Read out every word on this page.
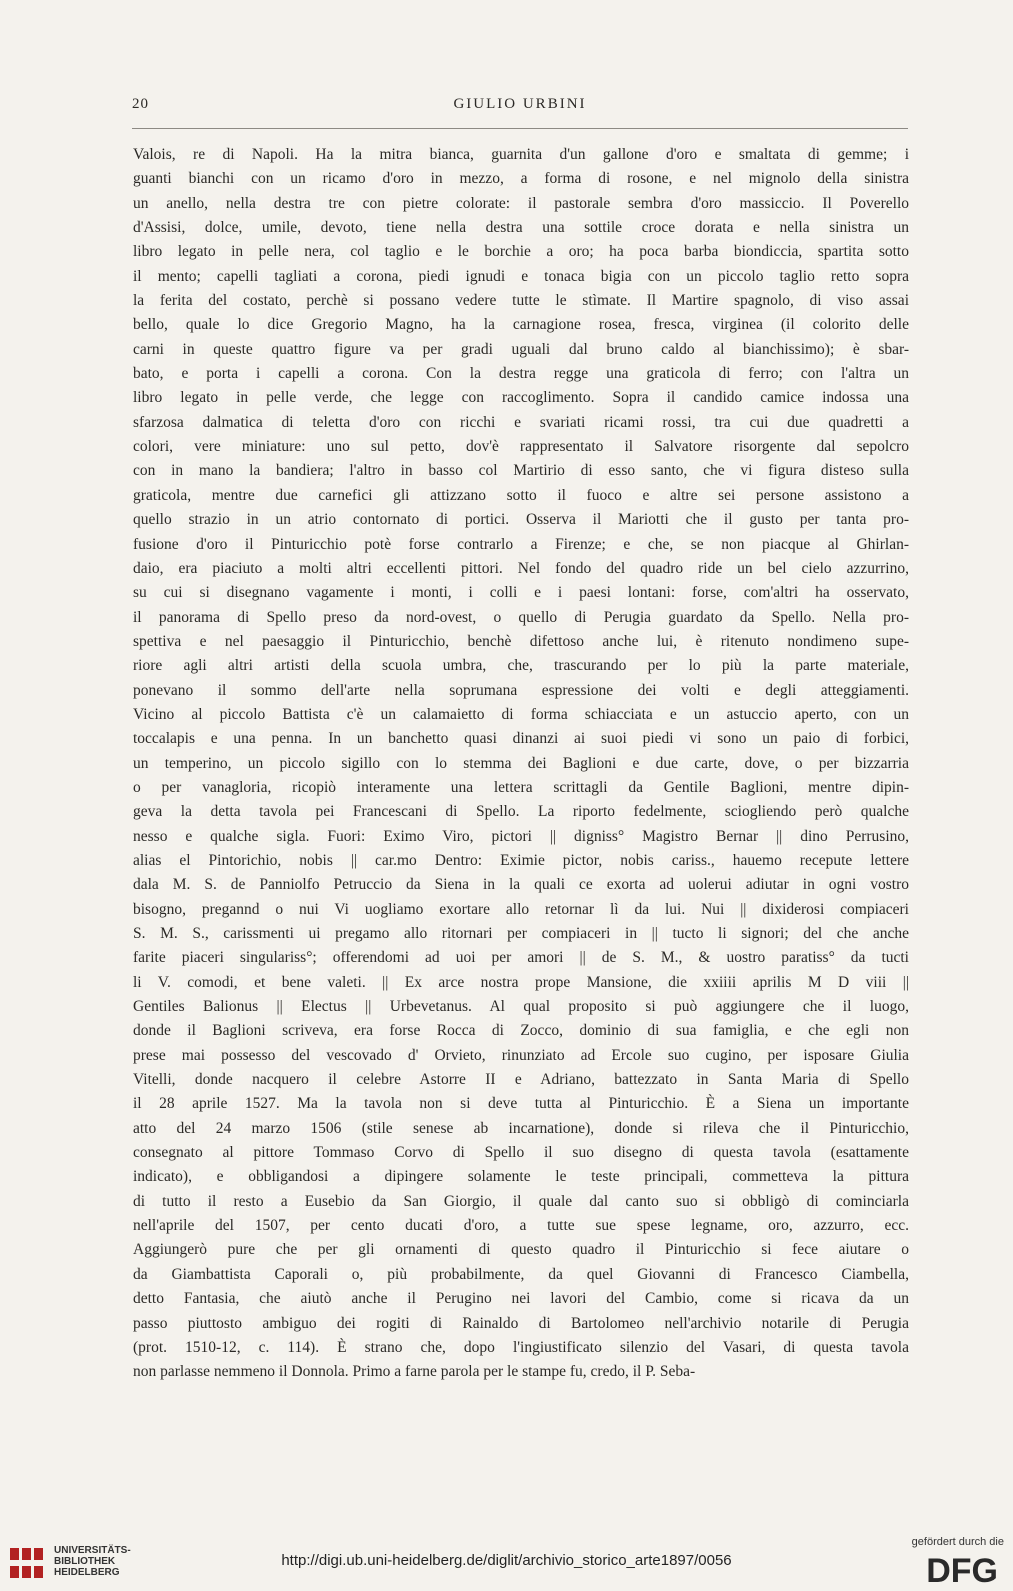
20	GIULIO URBINI

Valois, re di Napoli. Ha la mitra bianca, guarnita d'un gallone d'oro e smaltata di gemme; i
guanti bianchi con un ricamo d'oro in mezzo, a forma di rosone, e nel mignolo della sinistra
un anello, nella destra tre con pietre colorate: il pastorale sembra d'oro massiccio. Il Poverello
d'Assisi, dolce, umile, devoto, tiene nella destra una sottile croce dorata e nella sinistra un
libro legato in pelle nera, col taglio e le borchie a oro; ha poca barba biondiccia, spartita sotto
il mento; capelli tagliati a corona, piedi ignudi e tonaca bigia con un piccolo taglio retto sopra
la ferita del costato, perchè si possano vedere tutte le stìmate. Il Martire spagnolo, di viso assai
bello, quale lo dice Gregorio Magno, ha la carnagione rosea, fresca, virginea (il colorito delle
carni in queste quattro figure va per gradi uguali dal bruno caldo al bianchissimo); è sbar-
bato, e porta i capelli a corona. Con la destra regge una graticola di ferro; con l'altra un
libro legato in pelle verde, che legge con raccoglimento. Sopra il candido camice indossa una
sfarzosa dalmatica di teletta d'oro con ricchi e svariati ricami rossi, tra cui due quadretti a
colori, vere miniature: uno sul petto, dov'è rappresentato il Salvatore risorgente dal sepolcro
con in mano la bandiera; l'altro in basso col Martirio di esso santo, che vi figura disteso sulla
graticola, mentre due carnefici gli attizzano sotto il fuoco e altre sei persone assistono a
quello strazio in un atrio contornato di portici. Osserva il Mariotti che il gusto per tanta pro-
fusione d'oro il Pinturicchio potè forse contrarlo a Firenze; e che, se non piacque al Ghirlan-
daio, era piaciuto a molti altri eccellenti pittori. Nel fondo del quadro ride un bel cielo azzurrino,
su cui si disegnano vagamente i monti, i colli e i paesi lontani: forse, com'altri ha osservato,
il panorama di Spello preso da nord-ovest, o quello di Perugia guardato da Spello. Nella pro-
spettiva e nel paesaggio il Pinturicchio, benchè difettoso anche lui, è ritenuto nondimeno supe-
riore agli altri artisti della scuola umbra, che, trascurando per lo più la parte materiale,
ponevano il sommo dell'arte nella soprumana espressione dei volti e degli atteggiamenti.
Vicino al piccolo Battista c'è un calamaietto di forma schiacciata e un astuccio aperto, con un
toccalapis e una penna. In un banchetto quasi dinanzi ai suoi piedi vi sono un paio di forbici,
un temperino, un piccolo sigillo con lo stemma dei Baglioni e due carte, dove, o per bizzarria
o per vanagloria, ricopiò interamente una lettera scrittagli da Gentile Baglioni, mentre dipin-
geva la detta tavola pei Francescani di Spello. La riporto fedelmente, sciogliendo però qualche
nesso e qualche sigla. Fuori: Eximo Viro, pictori || digniss° Magistro Bernar || dino Perrusino,
alias el Pintorichio, nobis || car.mo Dentro: Eximie pictor, nobis cariss., hauemo recepute lettere
dala M. S. de Panniolfo Petruccio da Siena in la quali ce exorta ad uolerui adiutar in ogni vostro
bisogno, pregannd o nui Vi uogliamo exortare allo retornar lì da lui. Nui || dixiderosi compiaceri
S. M. S., carissmenti ui pregamo allo ritornari per compiaceri in || tucto li signori; del che anche
farite piaceri singulariss°; offerendomi ad uoi per amori || de S. M., & uostro paratiss° da tucti
li V. comodi, et bene valeti. || Ex arce nostra prope Mansione, die xxiiii aprilis M D viii ||
Gentiles Balionus || Electus || Urbevetanus. Al qual proposito si può aggiungere che il luogo,
donde il Baglioni scriveva, era forse Rocca di Zocco, dominio di sua famiglia, e che egli non
prese mai possesso del vescovado d' Orvieto, rinunziato ad Ercole suo cugino, per isposare Giulia
Vitelli, donde nacquero il celebre Astorre II e Adriano, battezzato in Santa Maria di Spello
il 28 aprile 1527. Ma la tavola non si deve tutta al Pinturicchio. È a Siena un importante
atto del 24 marzo 1506 (stile senese ab incarnatione), donde si rileva che il Pinturicchio,
consegnato al pittore Tommaso Corvo di Spello il suo disegno di questa tavola (esattamente
indicato), e obbligandosi a dipingere solamente le teste principali, commetteva la pittura
di tutto il resto a Eusebio da San Giorgio, il quale dal canto suo si obbligò di cominciarla
nell'aprile del 1507, per cento ducati d'oro, a tutte sue spese legname, oro, azzurro, ecc.
Aggiungerò pure che per gli ornamenti di questo quadro il Pinturicchio si fece aiutare o
da Giambattista Caporali o, più probabilmente, da quel Giovanni di Francesco Ciambella,
detto Fantasia, che aiutò anche il Perugino nei lavori del Cambio, come si ricava da un
passo piuttosto ambiguo dei rogiti di Rainaldo di Bartolomeo nell'archivio notarile di Perugia
(prot. 1510-12, c. 114). È strano che, dopo l'ingiustificato silenzio del Vasari, di questa tavola
non parlasse nemmeno il Donnola. Primo a farne parola per le stampe fu, credo, il P. Seba-

UNIVERSITÄTS-
BIBLIOTHEK
HEIDELBERG
http://digi.ub.uni-heidelberg.de/diglit/archivio_storico_arte1897/0056
gefördert durch die
DFG
